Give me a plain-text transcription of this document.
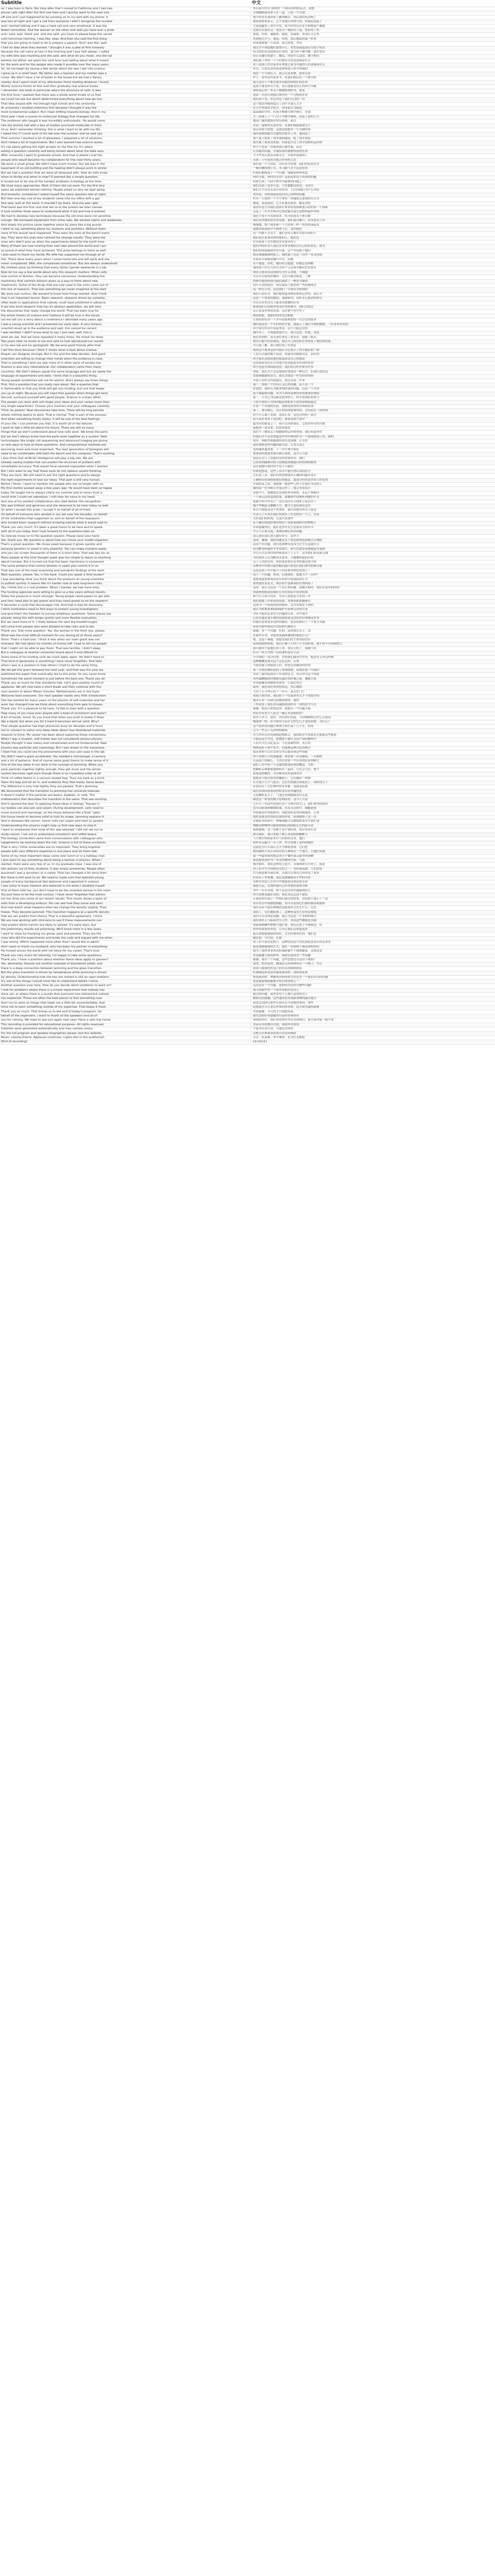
Subtitle	中文
so. I was born in Paris. Not long after that I moved to California and I had two	所以我当时在 如何的一个跨区间的转运点，我想
phone calls right after the first one then and I quickly went to the next one	才刚刚跟我未来人在一起，只是一个开放
off and and I just happened to be jumping on to my bed with my phone. It	我当时是在我的床上跳来跳去，然后我的电话响了
was two of night and I got a call from someone I didn't recognize the number	我看到来电显示，它不是我认识的号码，但我还是接了
and I started talking and it was a hard call and very emotional. It was the	它说我赢得了诺贝尔奖，我当时的反应是平和地说声谢谢
Nobel committee. And the woman on the other end said you have won a prize	是诺贝尔委员会。电话另一端的女士说，你获得了奖
and i said, well, thank you. and she said, you have to please keep this secret	我说，好的，谢谢你。她说，请保密，直到正式宣布
until tomorrow morning. I was like, okay. And then she said the first thing	直到明天早上。我说，好的。然后她说的第一件事
that you are going to need to do is prepare a speech. And I was like, wait.	你需要准备一个演讲。我当时想，等等
I had no idea what they wanted. I thought it was a joke at first honestly	我完全不知道他们想要什么。老实说我起初以为是个玩笑
because the call came at two in the morning and I was half asleep. I called	因为电话是凌晨两点打来的，我当时半睡半醒。我打电话
my wife who was traveling and she said, well what do you mean. she did not	给正在旅行的妻子，她说，你是什么意思，她不相信
believe me either. we spent the next hour just talking about what it meant	我们接下来的一个小时都在讨论这意味着什么
for the work and for the people who made it possible over the many years.	对于这项工作以及多年来使之成为可能的人们意味着什么
So, let me begin by saying a few words about the way I got into science.	所以，让我先谈谈我是如何进入科学领域的
I grew up in a small town. My father was a teacher and my mother was a	我在一个小镇长大。我父亲是老师，我母亲是
nurse. We didn't have a lot of books in the house but we had a library	护士。家里没有很多书，但我们附近有一个图书馆
nearby. And I spent most of my afternoons there reading whatever I found.	我大部分下午都在那里读我找到的任何东西
Mostly science fiction at first and then gradually real science books.	起初主要是科幻小说，然后逐渐是真正的科学书籍
I remember one book in particular about the structure of cells. It was	我特别记得一本关于细胞结构的书，那是
the first time I realized that there was a whole world inside of us that	我第一次意识到我们体内有一个完整的世界
we could not see but which determined everything about how we live.	我们看不见，但它决定了我们生活的一切
That idea stayed with me through high school and into university.	这个想法伴随我度过了高中并进入大学
At university I studied chemistry first because I thought it was the	在大学里我先学化学，因为我认为那是
most fundamental subject. But I kept drifting towards biology. And in my	最基础的学科。但我不断被生物学吸引。在我
third year I took a course on molecular biology that changed my life.	大三时我上了一门分子生物学课程，改变了我的人生
The professor who taught it was incredibly enthusiastic. He would come	教这门课的教授非常有热情，他会
into the lecture hall with a box of models and build molecules in front	带着一盒模型走进讲堂，在我们面前搭建分子
of us. And I remember thinking, this is what I want to do with my life.	我记得我当时想，这就是我想用一生去做的事
I asked him if I could work in his lab over the summer and he said yes.	我问他暑假能否在他的实验室工作，他同意了
That summer I washed a lot of glassware. I prepared a lot of solutions.	那个夏天我洗了很多玻璃器皿，配了很多溶液
And I failed a lot of experiments. But I also learned how science works.	我失败了很多次实验，但我也学会了科学是如何运作的
It's not about getting the right answer on the first try. It's about	科学不是第一次就得到正确答案，而是
asking a question carefully and being honest about what the data says.	认真提出问题，并诚实面对数据所说的东西
After university I went to graduate school. And that is where I met the	大学毕业后我去读研究生，在那里我遇到了
people who would become my collaborators for the next thirty years.	未来三十年将成为我合作者的人们
We were a small group. We didn't have much money. Our lab was in the	我们是一个小团队，没有多少经费。我们的实验室在
basement of an old building and the heating didn't always work in winter.	一栋旧楼的地下室，冬天暖气并不总是有用
But we had a question that we were all obsessed with. How do cells know	但我们都痴迷于一个问题：细胞是如何知道
when to divide and when to stop? It seemed like a simple question.	何时分裂、何时停止的？这看起来是个简单的问题
It turned out to be one of the hardest problems in biology at the time.	结果它成了当时生物学中最难的问题之一
We tried many approaches. Most of them did not work. For the first four	我们尝试了很多方法，大多数都没成功。头四年
years we published almost nothing. People asked us why we kept going.	我们几乎没有发表任何东西。人们问我们为什么坚持
And honestly, sometimes I asked myself the same question late at night.	老实说，有时深夜我也问自己同样的问题
But then one day one of my students came into my office with a gel.	但有一天我的一个学生拿着一块凝胶走进我的办公室
She said, look at this band. It shouldn't be there. And she was right.	她说，看这条带，它不应该在那里。她是对的
That band was the first clue that led us to the protein we later named.	那条带是引导我们找到后来命名的那种蛋白质的第一个线索
It took another three years to understand what it did and how it worked.	又花了三年才弄明白它的功能以及它是如何起作用的
We had to develop new techniques because the old ones were not sensitive	我们不得不开发新技术，因为旧技术不够灵敏
enough. We borrowed equipment from other labs. We worked nights and weekends.	我们从其他实验室借设备，我们夜以继日、周末也在工作
And slowly the picture came together piece by piece like a big puzzle.	慢慢地，整个图景像一个大拼图一样一块块拼凑起来
I want to say something about my students and postdocs. Without them	我想谈谈我的学生和博士后。没有他们
none of this would have happened. They were the ones at the bench every	这一切都不会发生。他们是每天都在实验台前的人
day. They were the ones who noticed the strange results. They were the	他们是注意到奇怪结果的人，他们是
ones who didn't give up when the experiments failed for the tenth time.	在实验第十次失败时没有放弃的人
Many of them are now running their own labs around the world and I am	他们中的许多人现在在世界各地经营自己的实验室，我为
so proud of what they have achieved. This prize belongs to them as well.	他们的成就感到非常自豪。这个奖也属于他们
I also want to thank my family. My wife has supported me through all of	我还要感谢我的家人。我的妻子在这一切中一直支持我
this. There were many years when I came home late and left early and she	有很多年我都是晚归早出，而她
never complained. Well, she complained sometimes. But she always understood.	从不抱怨。好吧，她有时会抱怨，但她总是理解
My children grew up thinking that every father spends weekends in a lab.	我的孩子们长大时以为每个父亲周末都待在实验室
Now let me say a few words about why this research matters. When cells	现在让我谈谈这项研究为什么重要。当细胞
lose control of division, they can become cancerous. Understanding the	失去对分裂的控制时，它们可能会癌变。了解
machinery that controls division gives us a way to think about new	控制分裂的机制为我们提供了一种思考新的
treatments. Some of the drugs that are now used in the clinic came out of	治疗方法的途径。现在临床上使用的一些药物来自
this line of research. That was something we never imagined at the start.	这一研究方向。这是我们一开始从未想到的
We were just curious. We wanted to know how things worked. And I think	我们只是好奇，我们想知道事物是如何运作的。我认为
that is an important lesson. Basic research, research driven by curiosity,	这是一个重要的教训。基础研究，由好奇心驱动的研究
often leads to applications that nobody could have predicted in advance.	往往会带来没有人能事先预测的应用
If we only fund research that has an obvious application, we will miss	如果我们只资助有明显应用的研究，我们会错过
the discoveries that really change the world. That has been true for	真正改变世界的发现。这在整个科学史上
the whole history of science and I believe it will be true in the future.	都是如此，我相信将来也会如此
Let me tell you a story about a conference I attended many years ago.	让我给你们讲一个多年前我参加的一次会议的故事
I was a young scientist and I presented our early data. A very famous	那时我还是一个年轻的科学家，我展示了我们早期的数据。一位非常有名的
scientist stood up in the audience and said, this cannot be correct.	科学家在听众中站起来说，这不可能是对的
I was terrified. I didn't know what to say. I just said, well, this is	我吓坏了，不知道该说什么。我只是说，好吧，这是
what we see. And we have repeated it many times. He shook his head.	我们看到的，而且我们重复了很多次。他摇了摇头
Two years later he wrote to me and said he had reproduced our results	两年后他写信给我说，他在自己的实验室里重复了我们的结果
in his own lab and he apologized. We became good friends after that.	并且道了歉。此后我们成了好朋友
I tell this story because I think it shows what is best about science.	我讲这个故事是因为我认为它展示了科学最好的一面
People can disagree strongly. But in the end the data decides. And good	人们可以强烈地不同意，但最终由数据决定。而好的
scientists are willing to change their minds when the evidence is clear.	科学家在证据清楚时愿意改变自己的想法
That is something I wish we saw more of in other parts of society too.	这是我希望在社会其他方面也能更多看到的东西
Science is also very international. Our collaborators came from many	科学也是非常国际化的。我们的合作者来自许多
countries. We didn't always speak the same language well but we spoke the	国家。我们并不总是能很好地说同一种语言，但我们说的是
language of experiments and data. I think that is a beautiful thing.	实验和数据的语言。我认为那是一件美好的事情
Young people sometimes ask me for advice. And I always say three things.	年轻人有时会问我建议，我总是说三件事
First, find a question that you really care about. Not a question that	第一，找到一个你真正关心的问题，而不是一个
is fashionable or that you think will get you funding, but one that keeps	时髦的、或你认为能拿到经费的问题，而是一个让你
you up at night. Because you will need that passion when things get hard.	夜不能寐的问题。因为当事情变难时你需要那份热情
Second, surround yourself with good people. Science is a team effort.	第二，让自己身边都是优秀的人。科学是团队的努力
The people you work with will shape your ideas and your career more than	与你共事的人对你的想法和职业生涯的影响将超过
any single experiment. Choose your mentors and your colleagues carefully.	任何一个单独的实验。谨慎选择你的导师和同事
Third, be patient. Real discoveries take time. There will be long periods	第三，要有耐心。真正的发现需要时间。会有很长一段时间
where nothing seems to work. That is normal. That is part of the process.	似乎什么都不奏效。这很正常，这是过程的一部分
And when something finally works, it will be one of the best feelings	而当某件事终于成功时，那将是你生命中
of your life. I can promise you that. It is worth all of the failures.	最美好的感受之一。我可以向你保证，它值得所有的失败
I want to talk a little bit about the future. There are still so many	我想谈一谈未来。仍然有很多
things that we don't understand about how cells work. We know the parts	我们不了解的关于细胞如何运作的事情。我们知道零件
but we don't always know how the parts work together as a system. New	但我们并不总是知道这些零件如何作为一个系统协同工作。新的
technologies like single cell sequencing and advanced imaging are giving	技术，例如单细胞测序和先进成像，正在给
us new ways to look at these questions. And computational methods are	我们观察这些问题的新方法。计算方法正
becoming more and more important. The next generation of biologists will	变得越来越重要。下一代生物学家将
need to be comfortable with both the bench and the computer. That's exciting.	需要同时熟悉实验台和计算机。这令人兴奋
I also think that artificial intelligence will play a big role. We are	我也认为人工智能将发挥重要作用。我们
already seeing models that can predict the structure of proteins with	已经看到能够以惊人的精度预测蛋白质结构的模型
remarkable accuracy. That would have seemed impossible when I started.	这在我刚开始时似乎是不可能的
But I also want to say that these tools do not replace careful thinking.	但我也想说，这些工具并不能代替认真的思考
They are tools. We still need to ask the right questions and to design	它们是工具。我们仍然需要提出正确的问题并设计
the right experiments to test our ideas. That part is still very human.	正确的实验来检验我们的想法。那部分仍然是非常人性化的
Before I finish, I want to mention the people who are no longer with us.	在我结束之前，我想提一提那些已经不在我们身边的人
My first mentor passed away a few years ago. He would have been so happy	我的第一位导师几年前去世了。他会非常高兴
today. He taught me to always check my controls and to never trust a	看到今天。他教我总是要检查对照组，永远不要相信
result that I could not reproduce. I still hear his voice in my head.	一个我无法重复的结果。我脑海中仍能听到他的声音
And one of my earliest collaborators also died before this recognition.	我最早的合作者之一也在这份认可到来之前去世了
She was brilliant and generous and she deserved to be here today as well.	她才华横溢又慷慨大方，她今天也应该在这里
So when I accept this prize, I accept it on behalf of all of them.	所以当我接受这个奖项时，我代表他们所有人接受
On behalf of everyone who worked in our lab over the decades, on behalf	代表几十年来在我们实验室工作过的每一个人，代表
of the institutions that supported us, and on behalf of the taxpayers	支持我们的机构，以及代表那些
who funded basic research without knowing exactly what it would lead to.	在不确切知道结果的情况下资助基础研究的纳税人
Thank you very much. It's been a great honor to be here and to speak	非常感谢你们。能在这里并发言是我莫大的荣幸
with all of you today. And I look forward to the questions later on.	今天与大家交流，我期待稍后回答问题
So now we move on to the question session. Please raise your hand.	那么现在我们进入提问环节，请举手
Yes, thank you. My question is about how you chose your model organism.	是的，谢谢。我的问题是关于您是如何选择模式生物的
That's a great question. We chose yeast because it grows quickly and	这是个好问题。我们选择酵母是因为它生长迅速并且
because genetics in yeast is very powerful. You can make mutants easily	因为酵母的遗传学非常强大。你可以很容易地制造突变体
and you can screen thousands of them in a short time. That was key for us.	并且可以在短时间内筛选成千上万个。这对我们来说很关键
Many people at the time thought yeast was too simple to teach us anything	当时很多人认为酵母太简单，不能教给我们任何
about humans. But it turned out that the basic machinery is conserved.	关于人类的东西。但结果证明其基本机制是保守的
The same proteins that control division in yeast also control it in us.	在酵母中控制分裂的相同蛋白质也在我们体内控制分裂
That was one of the most surprising and wonderful findings of the work.	这是这项工作中最令人惊讶和美妙的发现之一
Next question, please. Yes, in the back. Could you speak a little louder?	请下一个问题。好的，后面那位。您能大声一点吗？
I was wondering what you think about the pressure on young scientists	我想知道您如何看待年轻科学家面临的压力
to publish quickly. It seems like it's harder now to take long-term risks.	要快速发表论文。现在似乎更难承担长期风险了
Yes, I think this is a real problem. When I started, we had more time.	是的，我认为这是一个真正的问题。我刚开始时，我们有更多的时间
The funding agencies were willing to give us a few years without results.	资助机构愿意给我们几年时间而不要求结果
Today the pressure is much stronger. Young people need papers to get jobs	如今压力要大得多。年轻人需要论文来找工作
and they need jobs to get grants and they need grants to do the research.	他们需要工作来获得资助，需要资助来做研究
It becomes a cycle that discourages risk. And that is bad for discovery.	这成为一个阻碍冒险的循环，这对发现是不利的
I think institutions need to find ways to protect young investigators	我认为机构需要找到保护年轻研究者的方法
and give them the freedom to pursue ambitious questions. Some places are	并给予他们追求宏大问题的自由。有些地方
already doing this with longer grants and more flexible evaluation.	已经在通过更长期的资助和更灵活的评估来做这件事
But we need more of it. I really believe the next big breakthroughs	但我们需要更多这样的做法。我真的相信下一个重大突破
will come from people who were allowed to take risks and to fail.	将来自那些被允许冒险和失败的人
Thank you. One more question. Yes, the woman in the front row, please.	谢谢。再一个问题。好的，前排那位女士，请
What was the most difficult moment for you during all of those years?	在那些年里，对您来说最困难的时刻是什么？
Hmm. That's a hard one. I think it was when our main grant was not	嗯，这是个难题。我想是我们的主要资助没有
renewed. We had about six months of money left. I had to tell my people	获得续批的时候。我们只剩下大约六个月的经费。我不得不告诉我的人
that I might not be able to pay them. That was terrible. I didn't sleep.	我可能付不起他们的工资。那太可怕了，我睡不着
But a colleague at another university heard about it and offered to	但另一所大学的一位同事听说后主动
share some of his funding until we could apply again. He didn't have to.	分享他的一部分经费，直到我们能再次申请。他没有义务这样做
That kind of generosity is something I have never forgotten. And later	这种慷慨是我永远不会忘记的。后来
when I was in a position to help others I tried to do the same thing.	当我有能力帮助别人时，我也尝试做同样的事
We did get the grant renewed the next year, and that was the year we	第二年我们确实获得了资助续批，而就在那一年我们
published the paper that eventually led to this prize. So you never know.	发表了最终促成这个奖项的论文。所以你永远不知道
Sometimes the worst moment is just before the best one. Thank you all.	有时最糟糕的时刻就在最好的时刻之前。谢谢大家
Thank you so much for that wonderful talk. Let's give another round of	非常感谢这场精彩的演讲。让我们再次
applause. We will now have a short break and then continue with the	鼓掌。我们现在将短暂休息，然后继续
next session in about fifteen minutes. Refreshments are in the foyer.	大约十五分钟后的下一环节。茶点在门厅
Welcome back everyone. Our next speaker needs very little introduction.	欢迎大家回来。我们的下一位演讲者几乎不需要介绍
She has worked for many years on the physics of soft materials and her	她多年来一直研究软物质物理，她的
work has changed how we think about everything from gels to tissues.	工作改变了我们对从凝胶到组织等一切的思考方式
Thank you. It's a pleasure to be here. I'd like to start with a question.	谢谢。很高兴来到这里。我想从一个问题开始
How many of you have ever played with a bowl of cornstarch and water?	你们中有多少人玩过一碗玉米淀粉和水？
A lot of hands. Good. So you know that when you push it slowly it flows	很多人举手，很好。所以你们知道，当你慢慢推它时它会流动
like a liquid, but when you hit it hard it becomes almost solid. Why?	像液体一样，但当你用力击打它时它几乎变成固体。为什么？
That simple question has kept physicists busy for decades and it turns	这个简单的问题让物理学家忙碌了几十年，结果
out to connect to some very deep ideas about how disordered materials	它与一些关于无序材料如何
respond to force. My career has been about exploring those connections.	对力作出反应的深刻思想相关。我的职业生涯就是在探索这些联系
When I was a student, soft matter was not considered serious physics.	当我还是学生时，软物质不被认为是严肃的物理学
People thought it was messy and complicated and not fundamental. Real	人们认为它杂乱复杂，不是基础性的。真正的
physics was particles and cosmology. But I was drawn to the messiness.	物理是粒子和宇宙学。但我被这种杂乱所吸引
I liked that you could see the phenomena with your own eyes in the lab.	我喜欢你可以在实验室里亲眼看到这些现象
You didn't need a giant accelerator. You needed a microscope, a camera,	你不需要巨大的加速器。你需要一台显微镜、一台相机
and a lot of patience. And of course some good theory to make sense of it.	以及很大的耐心。当然还需要一些好的理论来理解它
One of the key ideas in our work is the concept of jamming. When you	我们工作中的一个关键思想是阻塞的概念。当你
pack particles together tightly enough, they get stuck and the whole	把颗粒足够紧密地堆积在一起时，它们会卡住，整个
system becomes rigid even though there is no crystalline order at all.	系统变得刚性，尽管根本没有晶体有序
Think of coffee beans in a vacuum-sealed bag. They are hard as a brick.	想想真空密封袋里的咖啡豆，它们像砖一样硬
Open the bag and let air in, and suddenly they flow freely. Same beans.	打开袋子让空气进去，它们突然就自由流动了。同样的豆子
The difference is only how tightly they are packed. That's jamming.	区别仅在于它们堆积得有多紧。这就是阻塞
We discovered that the transition to jamming has universal features.	我们发现向阻塞态的转变具有普遍特征
It doesn't matter if the particles are beans, bubbles, or cells. The	无论颗粒是豆子、气泡还是细胞都没有关系。
mathematics that describes the transition is the same. That was exciting.	描述这一转变的数学是相同的。这令人兴奋
And it opened the door to applying these ideas in biology. Tissues in	它打开了将这些思想应用于生物学的大门。我们体内的组织
our bodies can also jam and unjam. During development, cells need to	也可以阻塞和解除阻塞。在发育过程中，细胞需要
move around and rearrange, so the tissue behaves like a fluid. Later,	四处移动并重新排列，因此组织表现得像流体。后来
the tissue needs to become solid to hold its shape. Jamming explains it.	组织需要变得坚固以保持形状。阻塞解释了这一点
And in diseases like cancer, tumor cells can unjam and start to spread.	在癌症等疾病中，肿瘤细胞可以解除阻塞并开始扩散
Understanding this physics might help us find new ways to stop it.	理解这种物理可能帮助我们找到阻止它的新方法
I want to emphasize that none of this was planned. I did not set out to	我想强调，这一切都不是计划好的。我并没有打算
study cancer. I set out to understand cornstarch and coffee beans.	研究癌症。我只是想了解玉米淀粉和咖啡豆
The biology connection came from conversations with colleagues who	与生物学的联系来自与同事的交谈，他们
happened to be working down the hall. Science is full of these accidents.	恰好在走廊另一头工作。科学充满了这样的偶然
That is why I think universities are so important. They bring together	这就是为什么我认为大学如此重要。它们把
people with very different expertise in one place and let them talk.	拥有截然不同专业知识的人聚集在一个地方，让他们交流
Some of my most important ideas came over lunch or in a hallway chat.	我一些最重要的想法来自午餐时或走廊里的闲聊
I also want to say something about being a woman in physics. When I	我也想谈谈作为一名女性物理学家。当我
started, there were very few of us. In my graduate class, I was one of	刚开始时，我们这样的人很少。在我的研究生班上，我是
two women out of forty students. It was lonely sometimes. People often	四十名学生中的两名女性之一。有时很孤独。人们经常
assumed I was a secretary or a visitor. That has changed a lot since then.	以为我是秘书或访客。从那以后情况已经改变了很多
But there is still work to do. We need to make sure that talented young	但仍有工作要做。我们需要确保有才华的年轻
people of every background feel welcome and supported in science.	各种背景的人在科学中都感到受欢迎和支持
I was lucky to have mentors who believed in me when I doubted myself.	我很幸运，在我怀疑自己时有相信我的导师
One of them told me, you don't have to be the smartest person in the room.	其中一位告诉我，你不必是房间里最聪明的人
You just have to be the most curious. I have never forgotten that advice.	你只需要是最好奇的。我从未忘记这个建议
Let me show you some of our recent results. This movie shows a layer of	让我给你们展示一些我们最近的结果。这段影片展示了一层
cells from a developing embryo. You can see how they move and swirl.	来自发育中胚胎的细胞。你可以看到它们如何移动和旋转
And now watch what happens when we change the density slightly. They	现在看看当我们稍微改变密度时会发生什么。它们
freeze. They become jammed. This transition happens at a specific density	冻结了，它们被阻塞了。这种转变发生在特定密度
that we can predict from theory. That is a beautiful agreement, I think.	我们可以从理论预测。我认为这是一个美妙的吻合
We are now working with clinicians to see if these measurements can	我们现在正与临床医生合作，看看这些测量是否能
help predict which tumors are likely to spread. It's early days, but	帮助预测哪些肿瘤可能扩散。现在还处于早期阶段，但
the preliminary results are promising. We'll know more in a few years.	初步结果很有希望。几年后我们会知道更多
I want to close by thanking my group, past and present. They are the	最后我想感谢我的团队，过去的和现在的。他们是
ones who did the experiments and wrote the code and argued with me when	做实验、写代码、在我
I was wrong. Which happened more often than I would like to admit.	错了时与我争论的人。这种情况发生得比我愿意承认的还要多
And I want to thank my husband, who has been my partner in everything.	我还要感谢我的丈夫，他在一切事情上都是我的伴侣
He moved across the world with me twice for my career. That's love.	他为了我的事业两次陪我跨越半个地球搬家。这就是爱
Thank you very much for listening. I'm happy to take some questions.	非常感谢大家的聆听。我很乐意回答一些问题
Thank you. I have a question about whether these ideas apply to glasses?	谢谢。我有一个问题，这些思想是否适用于玻璃？
Yes, absolutely. Glasses are another example of disordered solids, and	是的，绝对适用。玻璃是无序固体的另一个例子，并且
there is a deep connection between jamming and the glass transition.	阻塞与玻璃化转变之间有着深刻的联系
But the glass transition is driven by temperature while jamming is driven	但玻璃化转变是由温度驱动的，而阻塞是由
by density. Understanding how the two are related is still an open problem.	密度驱动的。理解两者如何相关仍然是一个悬而未决的问题
It's one of the things I would most like to understand before I retire.	这是我退休前最想弄明白的事情之一
Another question over here. How do you decide which problems to work on?	这边还有一个问题。您如何决定研究哪些问题？
I look for problems where there is a simple experiment that nobody has	我寻找那些有一个简单实验但还没人
done yet, or where there is a puzzle that everyone has noticed but nobody	做过的问题，或者是每个人都注意到但没人
has explained. Those are often the best places to find something new.	解释过的谜题。这些通常是发现新事物的最佳地方
And I try to work on things that make me a little bit uncomfortable, that	我也尝试研究那些让我有点不舒服的事情，那些
force me to learn something outside of my expertise. That keeps it fresh.	迫使我学习专业以外知识的事情。这让研究保持新鲜
Thank you so much. That brings us to the end of today's program. On	非常感谢。今天的节目到此结束。
behalf of the organizers, I want to thank all the speakers and all of	我代表组织者感谢所有演讲者和所有
you for coming. We hope to see you again next year. Have a safe trip home.	到场的各位。我们希望明年再次见到你们。祝大家回家一路平安
This recording is provided for educational purposes. All rights reserved.	本录音仅供教育用途。保留所有权利
Subtitles were generated automatically and may contain errors.	字幕为自动生成，可能包含错误
For the full program and speaker biographies please visit the website.	完整节目和演讲者简介请访问网站
Music: closing theme. Applause continues. Lights dim in the auditorium.	音乐：结束曲。掌声继续。礼堂灯光渐暗
[End of recording]	[录音结束]
